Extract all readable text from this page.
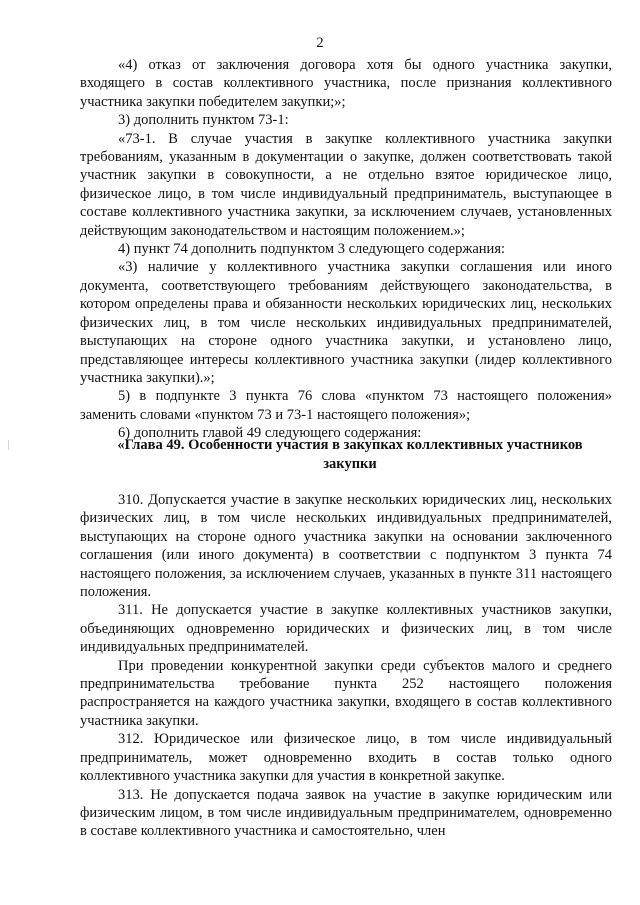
2

«4) отказ от заключения договора хотя бы одного участника закупки, входящего в состав коллективного участника, после признания коллективного участника закупки победителем закупки;»;

3) дополнить пунктом 73-1:

«73-1. В случае участия в закупке коллективного участника закупки требованиям, указанным в документации о закупке, должен соответствовать такой участник закупки в совокупности, а не отдельно взятое юридическое лицо, физическое лицо, в том числе индивидуальный предприниматель, выступающее в составе коллективного участника закупки, за исключением случаев, установленных действующим законодательством и настоящим положением.»;

4) пункт 74 дополнить подпунктом 3 следующего содержания:

«3) наличие у коллективного участника закупки соглашения или иного документа, соответствующего требованиям действующего законодательства, в котором определены права и обязанности нескольких юридических лиц, нескольких физических лиц, в том числе нескольких индивидуальных предпринимателей, выступающих на стороне одного участника закупки, и установлено лицо, представляющее интересы коллективного участника закупки (лидер коллективного участника закупки).»;

5) в подпункте 3 пункта 76 слова «пунктом 73 настоящего положения» заменить словами «пунктом 73 и 73-1 настоящего положения»;

6) дополнить главой 49 следующего содержания:

«Глава 49. Особенности участия в закупках коллективных участников закупки

310. Допускается участие в закупке нескольких юридических лиц, нескольких физических лиц, в том числе нескольких индивидуальных предпринимателей, выступающих на стороне одного участника закупки на основании заключенного соглашения (или иного документа) в соответствии с подпунктом 3 пункта 74 настоящего положения, за исключением случаев, указанных в пункте 311 настоящего положения.

311. Не допускается участие в закупке коллективных участников закупки, объединяющих одновременно юридических и физических лиц, в том числе индивидуальных предпринимателей.

При проведении конкурентной закупки среди субъектов малого и среднего предпринимательства требование пункта 252 настоящего положения распространяется на каждого участника закупки, входящего в состав коллективного участника закупки.

312. Юридическое или физическое лицо, в том числе индивидуальный предприниматель, может одновременно входить в состав только одного коллективного участника закупки для участия в конкретной закупке.

313. Не допускается подача заявок на участие в закупке юридическим или физическим лицом, в том числе индивидуальным предпринимателем, одновременно в составе коллективного участника и самостоятельно, член
